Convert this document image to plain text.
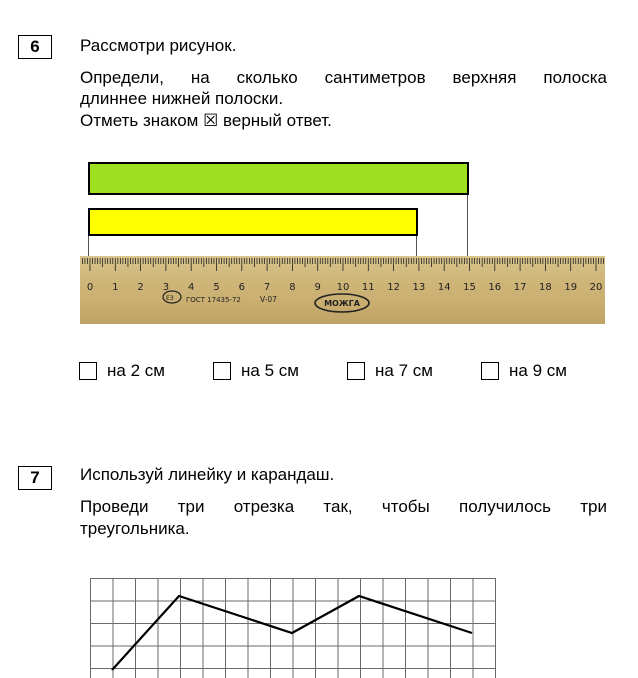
6	Рассмотри рисунок.
Определи, на сколько сантиметров верхняя полоска
длиннее нижней полоски.
Отметь знаком ☒ верный ответ.
0 1 2 3 4 5 6 7 8 9 10 11 12 13 14 15 16 17 18 19 20
ЕЗ ГОСТ 17435-72	V-07	МОЖГА
на 2 см	на 5 см	на 7 см	на 9 см
7	Используй линейку и карандаш.
Проведи три отрезка так, чтобы получилось три
треугольника.
